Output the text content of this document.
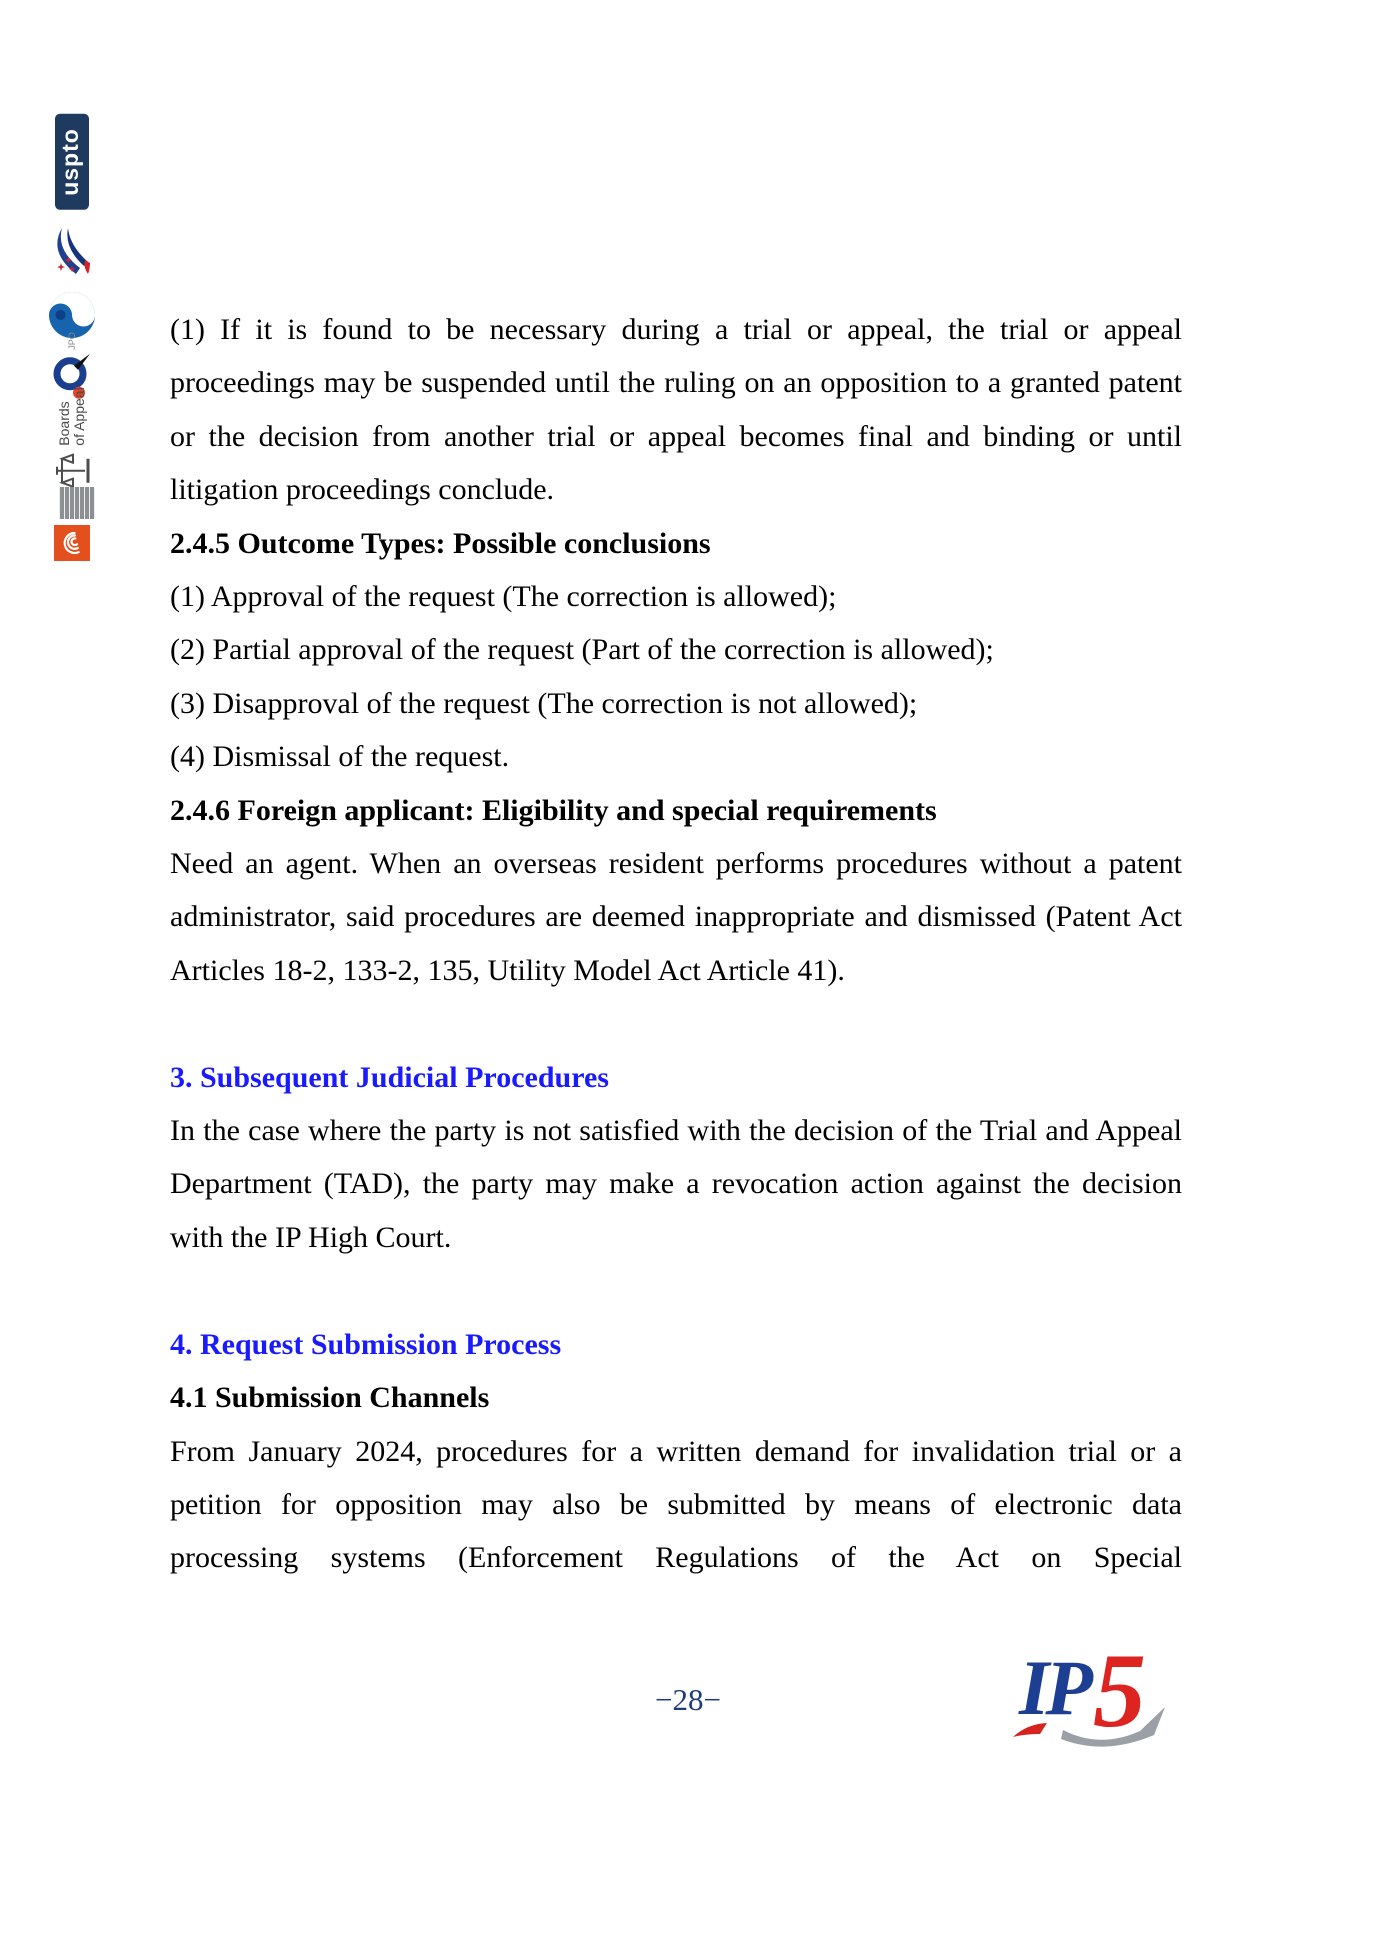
uspto
JPO
Boards
of Appeal
(1) If it is found to be necessary during a trial or appeal, the trial or appeal proceedings may be suspended until the ruling on an opposition to a granted patent or the decision from another trial or appeal becomes final and binding or until litigation proceedings conclude.
2.4.5 Outcome Types: Possible conclusions
(1) Approval of the request (The correction is allowed);
(2) Partial approval of the request (Part of the correction is allowed);
(3) Disapproval of the request (The correction is not allowed);
(4) Dismissal of the request.
2.4.6 Foreign applicant: Eligibility and special requirements
Need an agent. When an overseas resident performs procedures without a patent administrator, said procedures are deemed inappropriate and dismissed (Patent Act Articles 18-2, 133-2, 135, Utility Model Act Article 41).
3. Subsequent Judicial Procedures
In the case where the party is not satisfied with the decision of the Trial and Appeal Department (TAD), the party may make a revocation action against the decision with the IP High Court.
4. Request Submission Process
4.1 Submission Channels
From January 2024, procedures for a written demand for invalidation trial or a petition for opposition may also be submitted by means of electronic data processing systems (Enforcement Regulations of the Act on Special
−28−	IP 5
